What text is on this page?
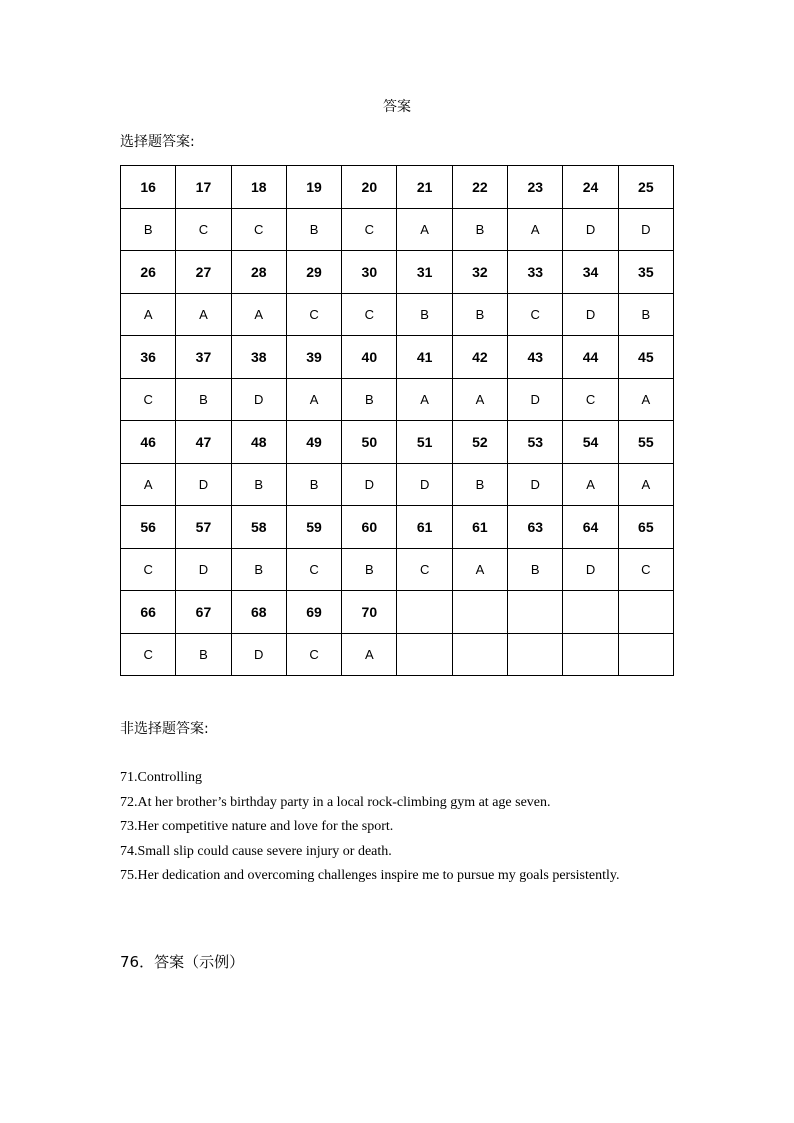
答案
选择题答案:
16	17	18	19	20	21	22	23	24	25
B	C	C	B	C	A	B	A	D	D
26	27	28	29	30	31	32	33	34	35
A	A	A	C	C	B	B	C	D	B
36	37	38	39	40	41	42	43	44	45
C	B	D	A	B	A	A	D	C	A
46	47	48	49	50	51	52	53	54	55
A	D	B	B	D	D	B	D	A	A
56	57	58	59	60	61	61	63	64	65
C	D	B	C	B	C	A	B	D	C
66	67	68	69	70					
C	B	D	C	A					
非选择题答案:

71.Controlling

72.At her brother’s birthday party in a local rock-climbing gym at age seven.

73.Her competitive nature and love for the sport.

74.Small slip could cause severe injury or death.

75.Her dedication and overcoming challenges inspire me to pursue my goals persistently.

76．答案（示例）
